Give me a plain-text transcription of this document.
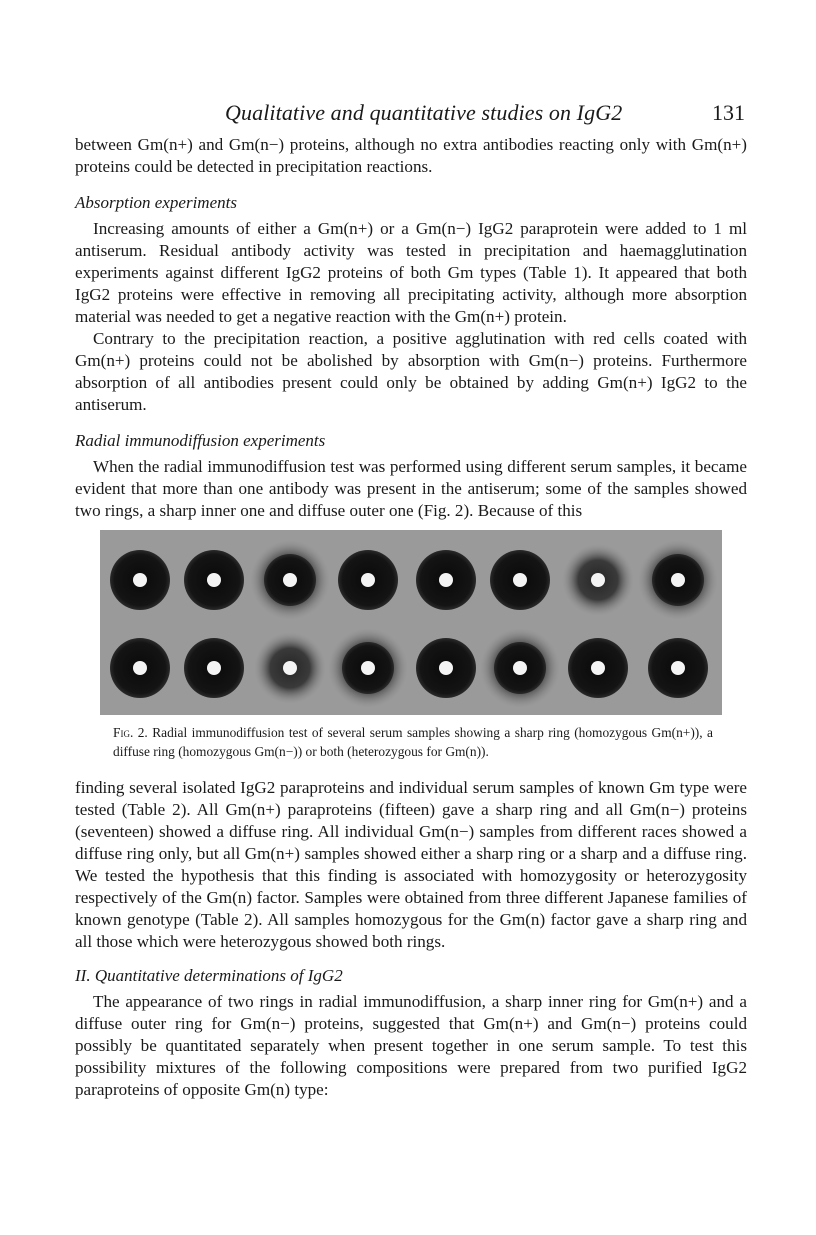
Qualitative and quantitative studies on IgG2	131

between Gm(n+) and Gm(n−) proteins, although no extra antibodies reacting only with Gm(n+) proteins could be detected in precipitation reactions.

Absorption experiments

Increasing amounts of either a Gm(n+) or a Gm(n−) IgG2 paraprotein were added to 1 ml antiserum. Residual antibody activity was tested in precipitation and haemagglutination experiments against different IgG2 proteins of both Gm types (Table 1). It appeared that both IgG2 proteins were effective in removing all precipitating activity, although more absorption material was needed to get a negative reaction with the Gm(n+) protein.

Contrary to the precipitation reaction, a positive agglutination with red cells coated with Gm(n+) proteins could not be abolished by absorption with Gm(n−) proteins. Furthermore absorption of all antibodies present could only be obtained by adding Gm(n+) IgG2 to the antiserum.

Radial immunodiffusion experiments

When the radial immunodiffusion test was performed using different serum samples, it became evident that more than one antibody was present in the antiserum; some of the samples showed two rings, a sharp inner one and diffuse outer one (Fig. 2). Because of this

Fig. 2. Radial immunodiffusion test of several serum samples showing a sharp ring (homozygous Gm(n+)), a diffuse ring (homozygous Gm(n−)) or both (heterozygous for Gm(n)).

finding several isolated IgG2 paraproteins and individual serum samples of known Gm type were tested (Table 2). All Gm(n+) paraproteins (fifteen) gave a sharp ring and all Gm(n−) proteins (seventeen) showed a diffuse ring. All individual Gm(n−) samples from different races showed a diffuse ring only, but all Gm(n+) samples showed either a sharp ring or a sharp and a diffuse ring. We tested the hypothesis that this finding is associated with homozygosity or heterozygosity respectively of the Gm(n) factor. Samples were obtained from three different Japanese families of known genotype (Table 2). All samples homozygous for the Gm(n) factor gave a sharp ring and all those which were heterozygous showed both rings.

II. Quantitative determinations of IgG2

The appearance of two rings in radial immunodiffusion, a sharp inner ring for Gm(n+) and a diffuse outer ring for Gm(n−) proteins, suggested that Gm(n+) and Gm(n−) proteins could possibly be quantitated separately when present together in one serum sample. To test this possibility mixtures of the following compositions were prepared from two purified IgG2 paraproteins of opposite Gm(n) type:
